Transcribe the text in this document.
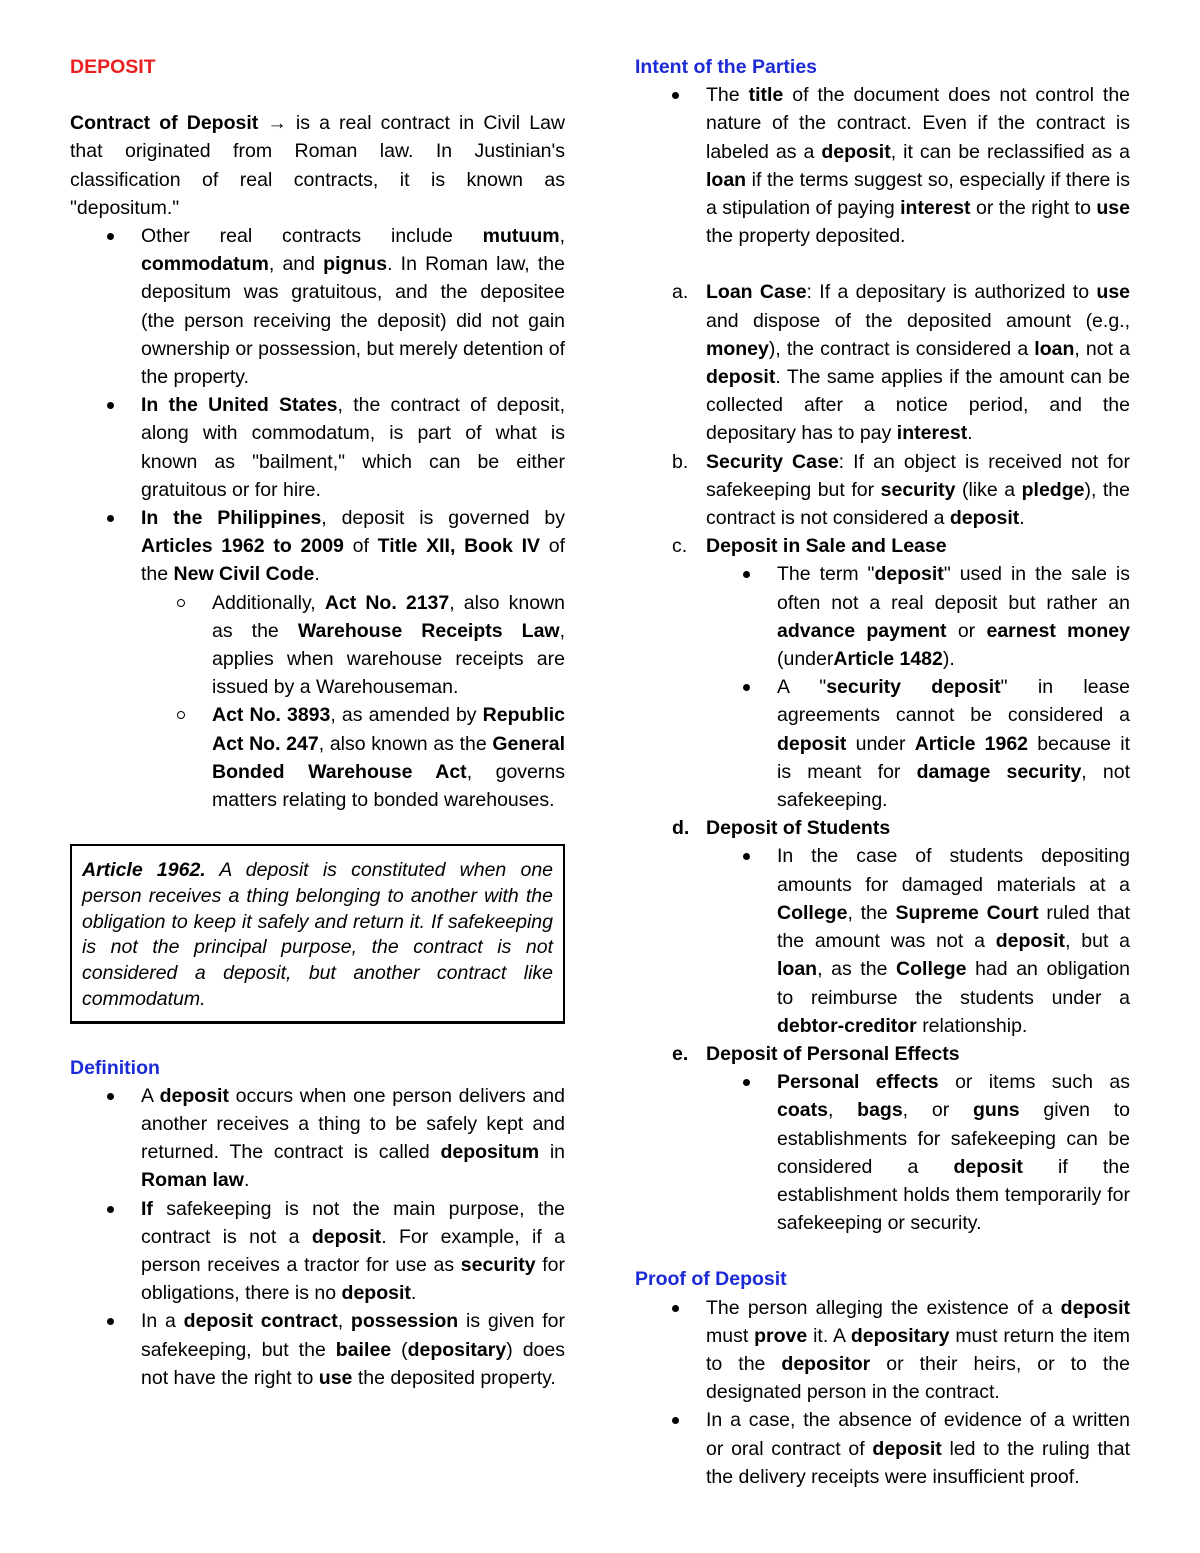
DEPOSIT

Contract of Deposit → is a real contract in Civil Law that originated from Roman law. In Justinian's classification of real contracts, it is known as "depositum."

Other real contracts include mutuum, commodatum, and pignus. In Roman law, the depositum was gratuitous, and the depositee (the person receiving the deposit) did not gain ownership or possession, but merely detention of the property.
In the United States, the contract of deposit, along with commodatum, is part of what is known as "bailment," which can be either gratuitous or for hire.
In the Philippines, deposit is governed by Articles 1962 to 2009 of Title XII, Book IV of the New Civil Code.
Additionally, Act No. 2137, also known as the Warehouse Receipts Law, applies when warehouse receipts are issued by a Warehouseman.
Act No. 3893, as amended by Republic Act No. 247, also known as the General Bonded Warehouse Act, governs matters relating to bonded warehouses.
Article 1962. A deposit is constituted when one person receives a thing belonging to another with the obligation to keep it safely and return it. If safekeeping is not the principal purpose, the contract is not considered a deposit, but another contract like commodatum.
Definition
A deposit occurs when one person delivers and another receives a thing to be safely kept and returned. The contract is called depositum in Roman law.
If safekeeping is not the main purpose, the contract is not a deposit. For example, if a person receives a tractor for use as security for obligations, there is no deposit.
In a deposit contract, possession is given for safekeeping, but the bailee (depositary) does not have the right to use the deposited property.
Intent of the Parties
The title of the document does not control the nature of the contract. Even if the contract is labeled as a deposit, it can be reclassified as a loan if the terms suggest so, especially if there is a stipulation of paying interest or the right to use the property deposited.
a. Loan Case: If a depositary is authorized to use and dispose of the deposited amount (e.g., money), the contract is considered a loan, not a deposit. The same applies if the amount can be collected after a notice period, and the depositary has to pay interest.
b. Security Case: If an object is received not for safekeeping but for security (like a pledge), the contract is not considered a deposit.
c. Deposit in Sale and Lease
The term "deposit" used in the sale is often not a real deposit but rather an advance payment or earnest money (underArticle 1482).
A "security deposit" in lease agreements cannot be considered a deposit under Article 1962 because it is meant for damage security, not safekeeping.
d. Deposit of Students
In the case of students depositing amounts for damaged materials at a College, the Supreme Court ruled that the amount was not a deposit, but a loan, as the College had an obligation to reimburse the students under a debtor-creditor relationship.
e. Deposit of Personal Effects
Personal effects or items such as coats, bags, or guns given to establishments for safekeeping can be considered a deposit if the establishment holds them temporarily for safekeeping or security.
Proof of Deposit
The person alleging the existence of a deposit must prove it. A depositary must return the item to the depositor or their heirs, or to the designated person in the contract.
In a case, the absence of evidence of a written or oral contract of deposit led to the ruling that the delivery receipts were insufficient proof.
